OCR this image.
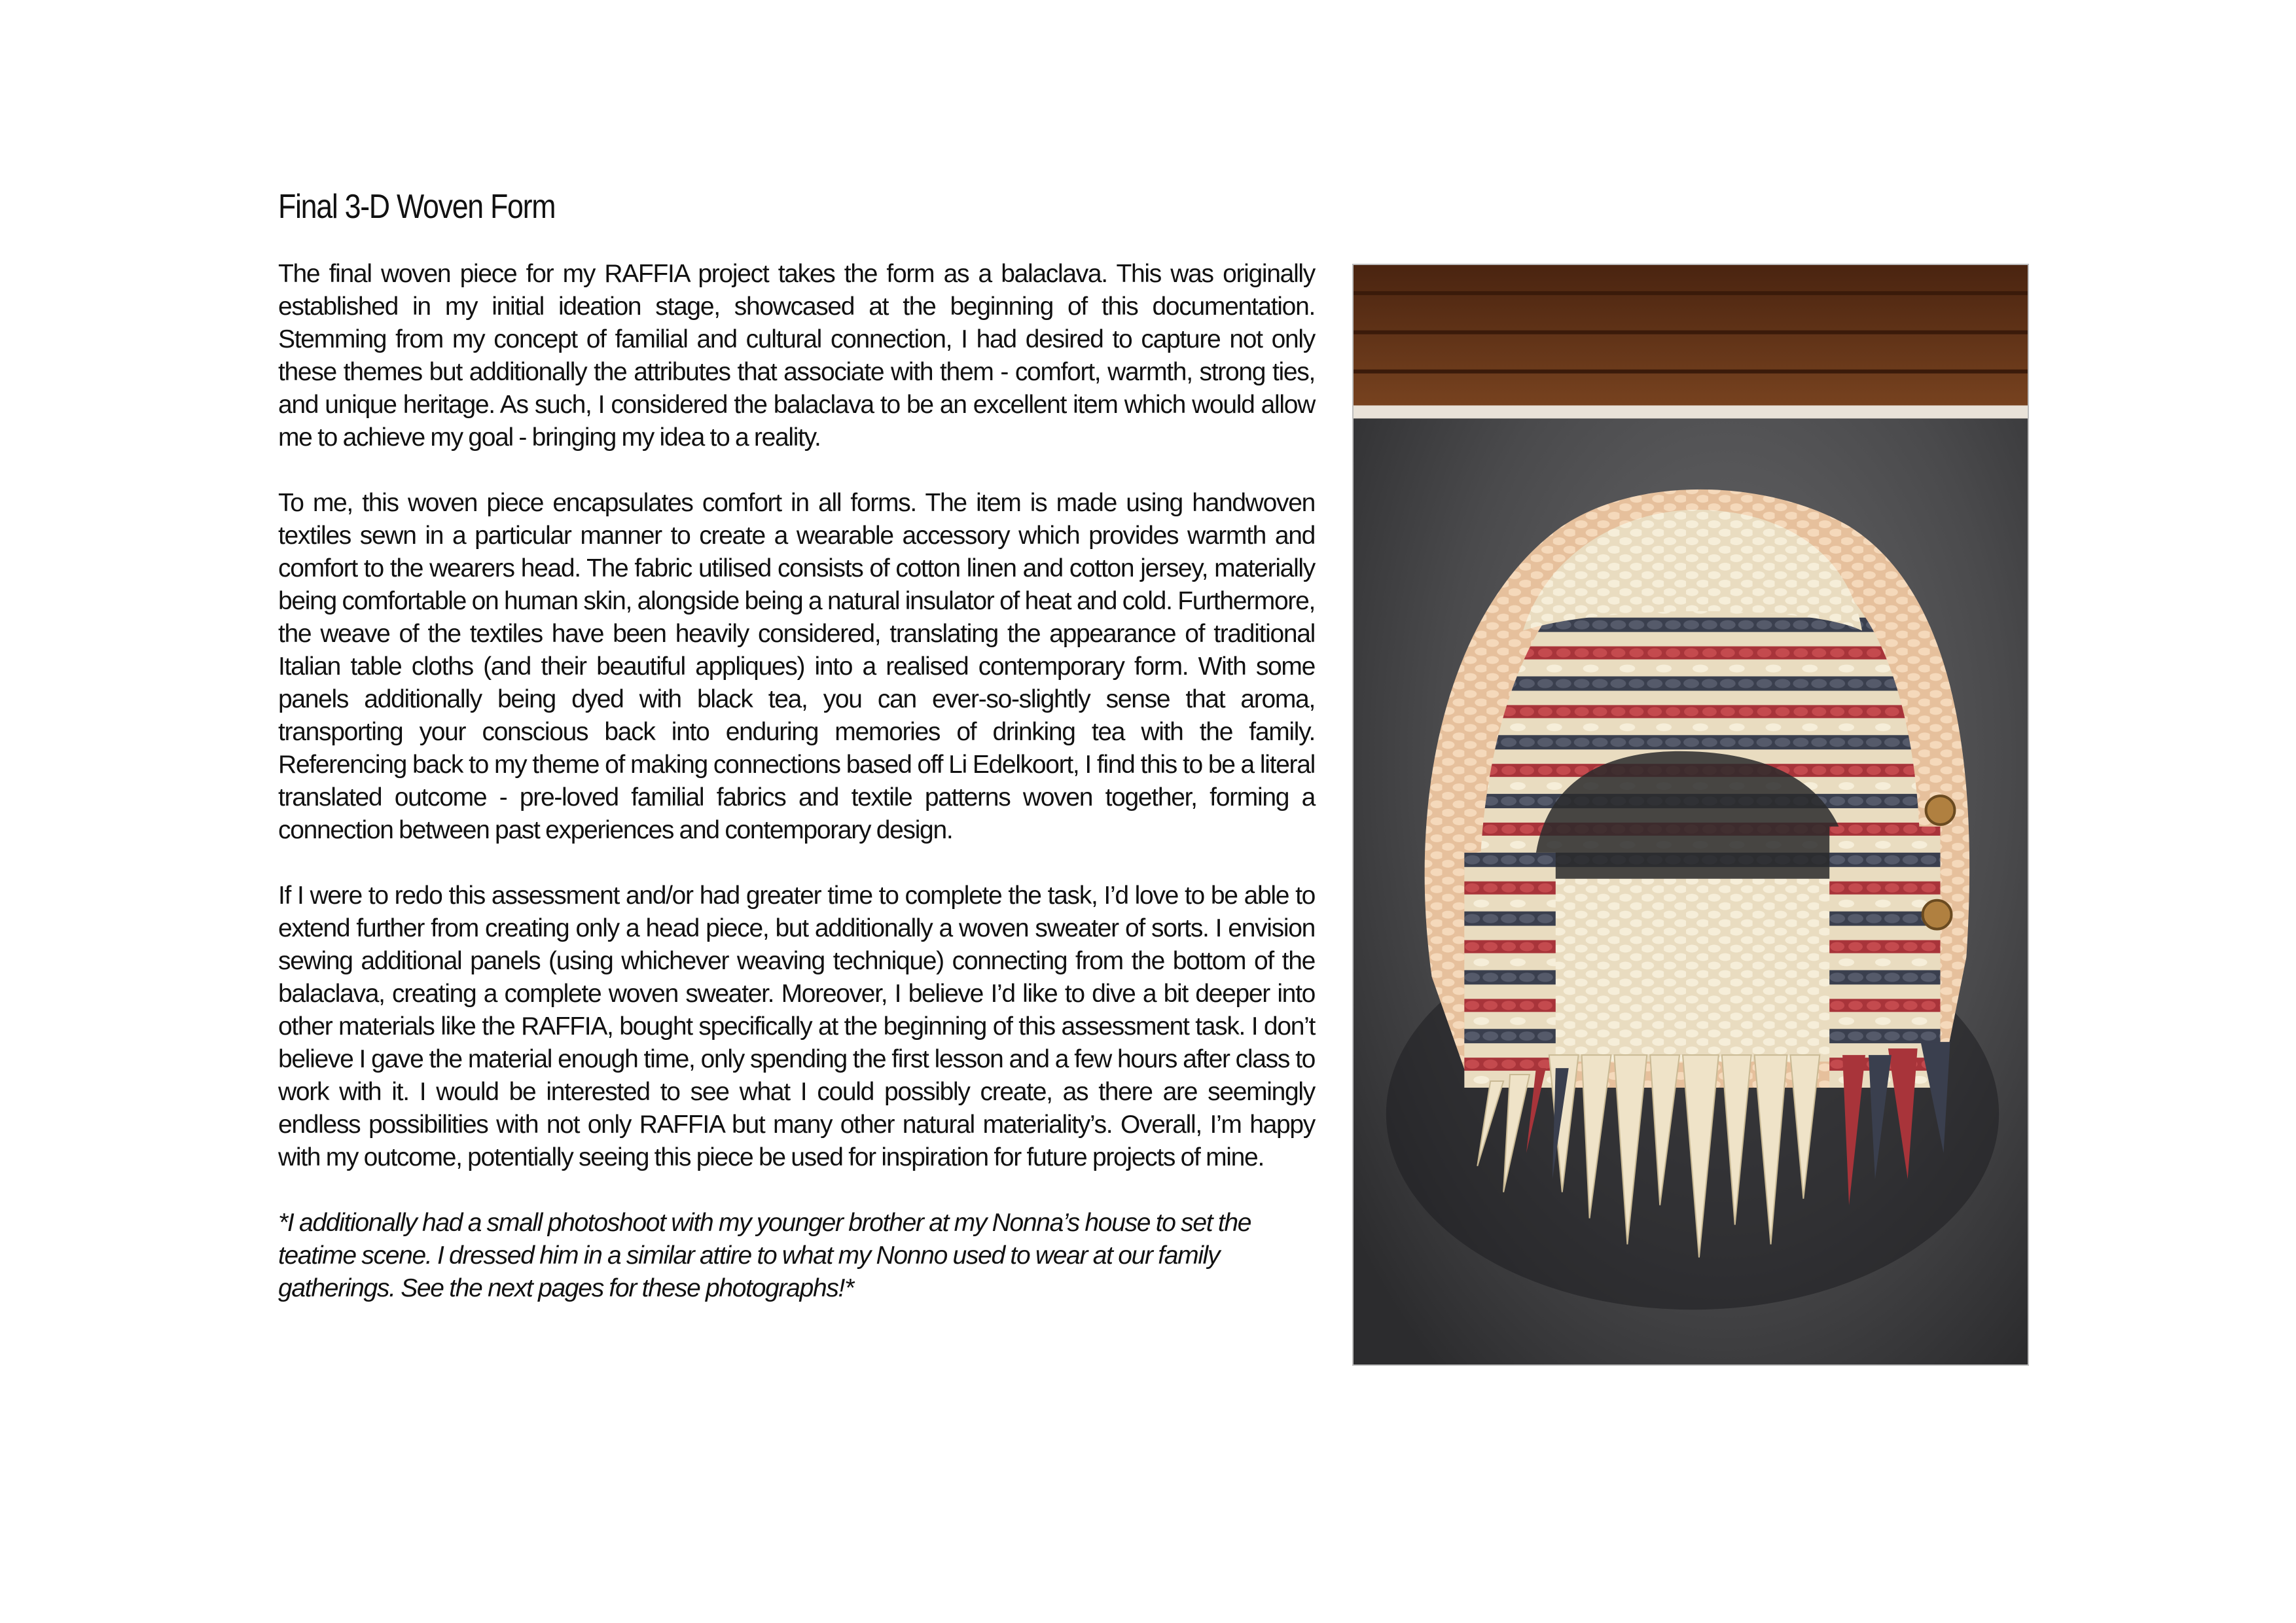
Final 3-D Woven Form

The final woven piece for my RAFFIA project takes the form as a balaclava. This was originally established in my initial ideation stage, showcased at the beginning of this documentation. Stemming from my concept of familial and cultural connection, I had desired to capture not only these themes but additionally the attributes that associate with them - comfort, warmth, strong ties, and unique heritage. As such, I considered the balaclava to be an excellent item which would allow me to achieve my goal - bringing my idea to a reality.

To me, this woven piece encapsulates comfort in all forms. The item is made using handwoven textiles sewn in a particular manner to create a wearable accessory which provides warmth and comfort to the wearers head. The fabric utilised consists of cotton linen and cotton jersey, materially being comfortable on human skin, alongside being a natural insulator of heat and cold. Furthermore, the weave of the textiles have been heavily considered, translating the appearance of traditional Italian table cloths (and their beautiful appliques) into a realised contemporary form. With some panels additionally being dyed with black tea, you can ever-so-slightly sense that aroma, transporting your conscious back into enduring memories of drinking tea with the family. Referencing back to my theme of making connections based off Li Edelkoort, I find this to be a literal translated outcome - pre-loved familial fabrics and textile patterns woven together, forming a connection between past experiences and contemporary design.

If I were to redo this assessment and/or had greater time to complete the task, I’d love to be able to extend further from creating only a head piece, but additionally a woven sweater of sorts. I envision sewing additional panels (using whichever weaving technique) connecting from the bottom of the balaclava, creating a complete woven sweater. Moreover, I believe I’d like to dive a bit deeper into other materials like the RAFFIA, bought specifically at the beginning of this assessment task. I don’t believe I gave the material enough time, only spending the first lesson and a few hours after class to work with it. I would be interested to see what I could possibly create, as there are seemingly endless possibilities with not only RAFFIA but many other natural materiality’s. Overall, I’m happy with my outcome, potentially seeing this piece be used for inspiration for future projects of mine.

*I additionally had a small photoshoot with my younger brother at my Nonna’s house to set the teatime scene. I dressed him in a similar attire to what my Nonno used to wear at our family gatherings. See the next pages for these photographs!*
